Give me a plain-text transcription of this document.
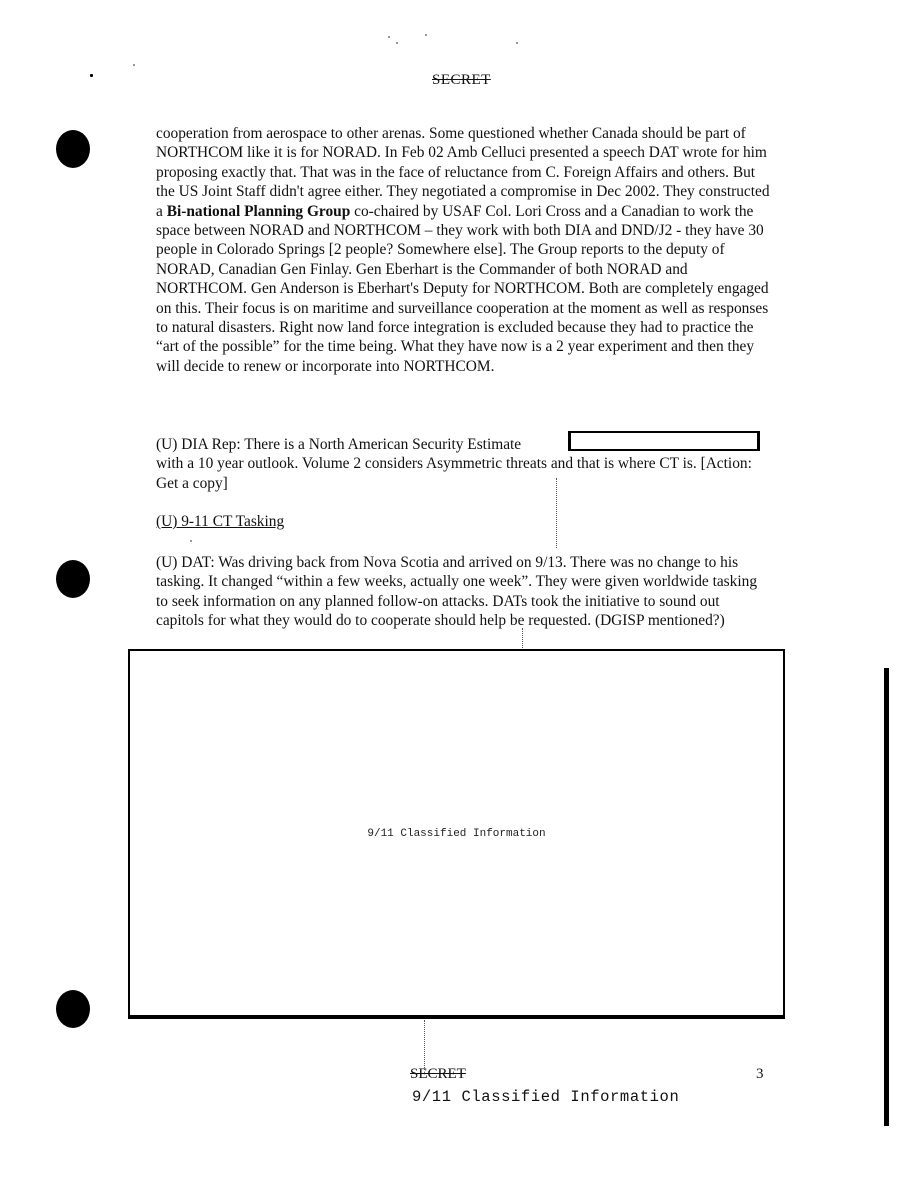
SECRET
cooperation from aerospace to other arenas. Some questioned whether Canada should be part of NORTHCOM like it is for NORAD. In Feb 02 Amb Celluci presented a speech DAT wrote for him proposing exactly that. That was in the face of reluctance from C. Foreign Affairs and others. But the US Joint Staff didn't agree either. They negotiated a compromise in Dec 2002. They constructed a Bi-national Planning Group co-chaired by USAF Col. Lori Cross and a Canadian to work the space between NORAD and NORTHCOM – they work with both DIA and DND/J2 - they have 30 people in Colorado Springs [2 people? Somewhere else]. The Group reports to the deputy of NORAD, Canadian Gen Finlay. Gen Eberhart is the Commander of both NORAD and NORTHCOM. Gen Anderson is Eberhart's Deputy for NORTHCOM. Both are completely engaged on this. Their focus is on maritime and surveillance cooperation at the moment as well as responses to natural disasters. Right now land force integration is excluded because they had to practice the “art of the possible” for the time being. What they have now is a 2 year experiment and then they will decide to renew or incorporate into NORTHCOM.
(U) DIA Rep: There is a North American Security Estimate
with a 10 year outlook. Volume 2 considers Asymmetric threats and that is where CT is. [Action: Get a copy]
(U) 9-11 CT Tasking
(U) DAT: Was driving back from Nova Scotia and arrived on 9/13. There was no change to his tasking. It changed “within a few weeks, actually one week”. They were given worldwide tasking to seek information on any planned follow-on attacks. DATs took the initiative to sound out capitols for what they would do to cooperate should help be requested. (DGISP mentioned?)
9/11 Classified Information
SECRET	3
9/11 Classified Information
